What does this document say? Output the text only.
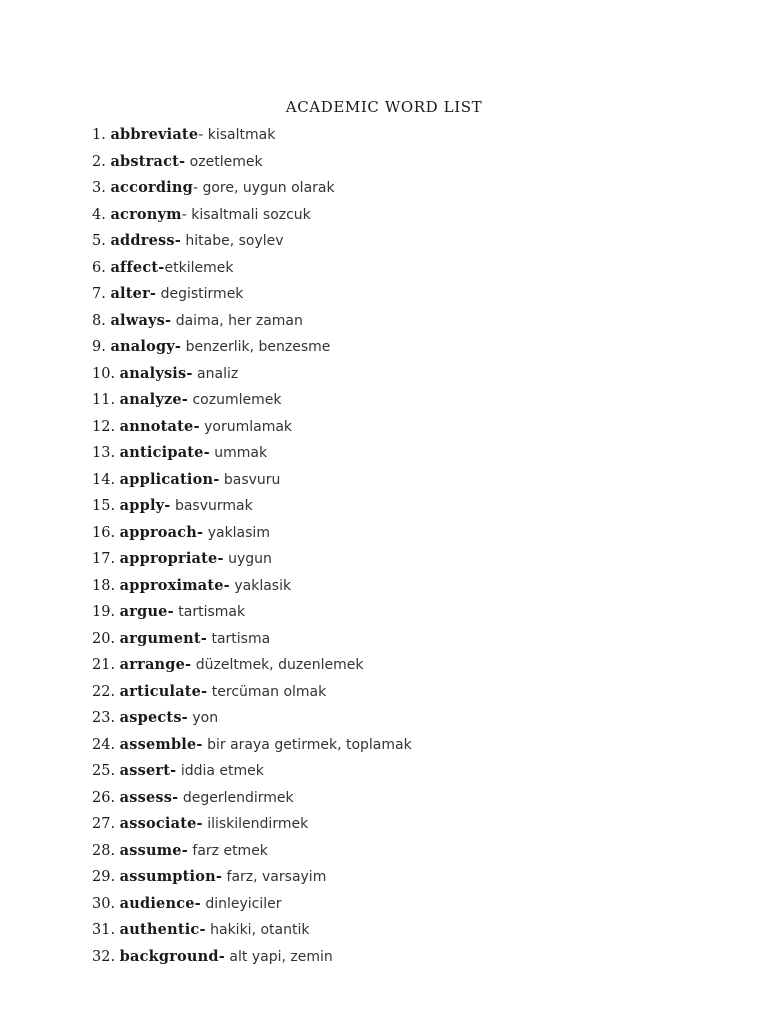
ACADEMIC WORD LIST
1. abbreviate- kisaltmak
2. abstract- ozetlemek
3. according- gore, uygun olarak
4. acronym- kisaltmali sozcuk
5. address- hitabe, soylev
6. affect-etkilemek
7. alter- degistirmek
8. always- daima, her zaman
9. analogy- benzerlik, benzesme
10. analysis- analiz
11. analyze- cozumlemek
12. annotate- yorumlamak
13. anticipate- ummak
14. application- basvuru
15. apply- basvurmak
16. approach- yaklasim
17. appropriate- uygun
18. approximate- yaklasik
19. argue- tartismak
20. argument- tartisma
21. arrange- düzeltmek, duzenlemek
22. articulate- tercüman olmak
23. aspects- yon
24. assemble- bir araya getirmek, toplamak
25. assert- iddia etmek
26. assess- degerlendirmek
27. associate- iliskilendirmek
28. assume- farz etmek
29. assumption- farz, varsayim
30. audience- dinleyiciler
31. authentic- hakiki, otantik
32. background- alt yapi, zemin
